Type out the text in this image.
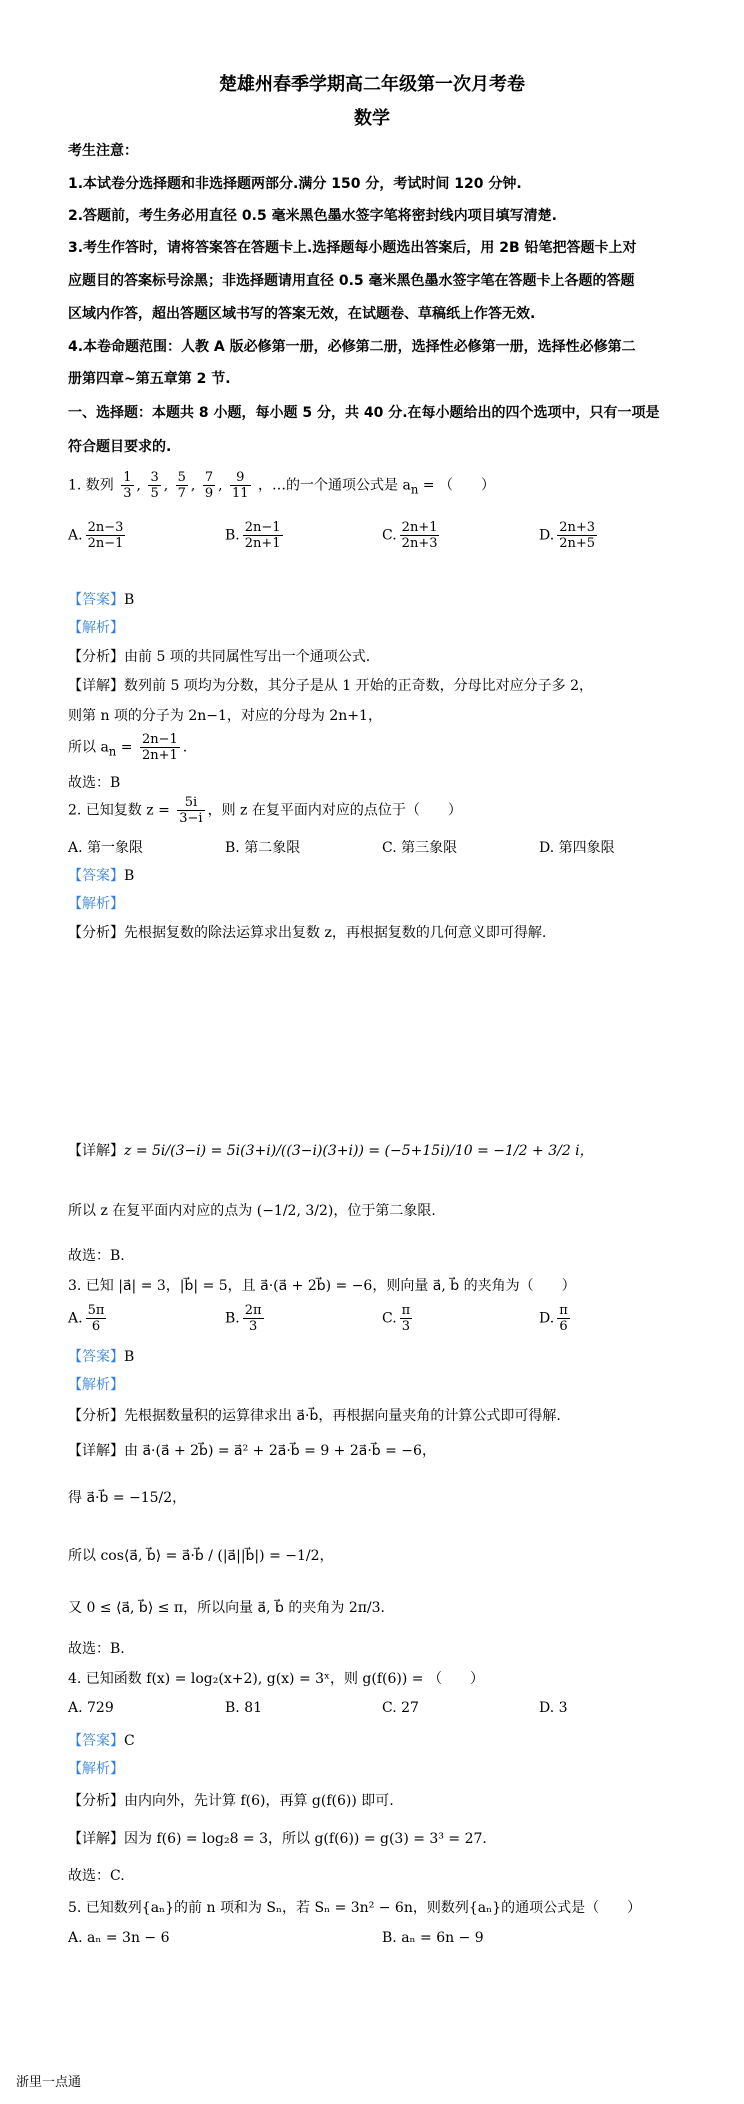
楚雄州春季学期高二年级第一次月考卷
数学
考生注意：
1.本试卷分选择题和非选择题两部分.满分 150 分，考试时间 120 分钟.
2.答题前，考生务必用直径 0.5 毫米黑色墨水签字笔将密封线内项目填写清楚.
3.考生作答时，请将答案答在答题卡上.选择题每小题选出答案后，用 2B 铅笔把答题卡上对
应题目的答案标号涂黑；非选择题请用直径 0.5 毫米黑色墨水签字笔在答题卡上各题的答题
区域内作答，超出答题区域书写的答案无效，在试题卷、草稿纸上作答无效.
4.本卷命题范围：人教 A 版必修第一册，必修第二册，选择性必修第一册，选择性必修第二
册第四章~第五章第 2 节.
一、选择题：本题共 8 小题，每小题 5 分，共 40 分.在每小题给出的四个选项中，只有一项是
符合题目要求的.
1. 数列 $\frac{1}{3}$ , $\frac{3}{5}$ , $\frac{5}{7}$ , $\frac{7}{9}$ , $\frac{9}{11}$ ，…的一个通项公式是 $a_n$ = （　　）
A. $\frac{2n-3}{2n-1}$	B. $\frac{2n-1}{2n+1}$	C. $\frac{2n+1}{2n+3}$	D. $\frac{2n+3}{2n+5}$
【答案】B
【解析】
【分析】由前 5 项的共同属性写出一个通项公式.
【详解】数列前 5 项均为分数，其分子是从 1 开始的正奇数，分母比对应分子多 2，
则第 n 项的分子为 2n−1，对应的分母为 2n+1，
所以 $a_n = \frac{2n-1}{2n+1}$ .
故选：B
2. 已知复数 $z = \frac{5i}{3-i}$ ，则 z 在复平面内对应的点位于（　　）
A. 第一象限	B. 第二象限	C. 第三象限	D. 第四象限
【答案】B
【解析】
【分析】先根据复数的除法运算求出复数 z，再根据复数的几何意义即可得解.
【详解】z = 5i/(3−i) = 5i(3+i)/((3−i)(3+i)) = (−5+15i)/10 = −1/2 + 3/2 i，
所以 z 在复平面内对应的点为 (−1/2, 3/2)，位于第二象限.
故选：B.
3. 已知 |a⃗| = 3，|b⃗| = 5，且 a⃗·(a⃗ + 2b⃗) = −6，则向量 a⃗, b⃗ 的夹角为（　　）
A. $\frac{5\pi}{6}$	B. $\frac{2\pi}{3}$	C. $\frac{\pi}{3}$	D. $\frac{\pi}{6}$
【答案】B
【解析】
【分析】先根据数量积的运算律求出 a⃗·b⃗，再根据向量夹角的计算公式即可得解.
【详解】由 a⃗·(a⃗ + 2b⃗) = a⃗² + 2a⃗·b⃗ = 9 + 2a⃗·b⃗ = −6，
得 a⃗·b⃗ = −15/2，
所以 cos⟨a⃗, b⃗⟩ = a⃗·b⃗ / (|a⃗||b⃗|) = −1/2，
又 0 ≤ ⟨a⃗, b⃗⟩ ≤ π，所以向量 a⃗, b⃗ 的夹角为 2π/3.
故选：B.
4. 已知函数 f(x) = log₂(x+2), g(x) = 3ˣ，则 g(f(6)) = （　　）
A. 729	B. 81	C. 27	D. 3
【答案】C
【解析】
【分析】由内向外，先计算 f(6)，再算 g(f(6)) 即可.
【详解】因为 f(6) = log₂8 = 3，所以 g(f(6)) = g(3) = 3³ = 27.
故选：C.
5. 已知数列{aₙ}的前 n 项和为 Sₙ，若 Sₙ = 3n² − 6n，则数列{aₙ}的通项公式是（　　）
A. aₙ = 3n − 6	B. aₙ = 6n − 9
浙里一点通
